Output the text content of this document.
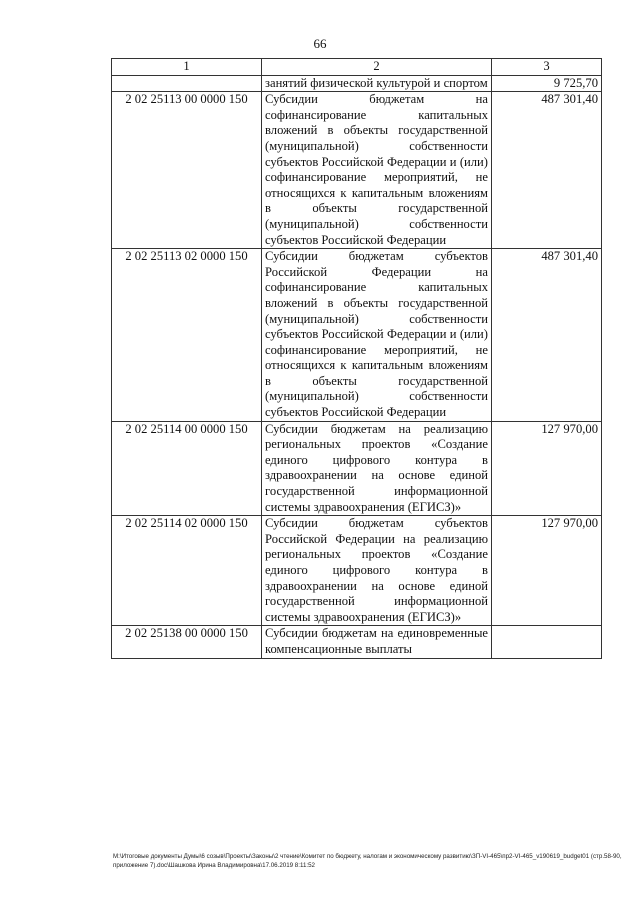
66
1	2	3
	занятий физической культурой и спортом	9 725,70
2 02 25113 00 0000 150	Субсидии бюджетам на софинансирование капитальных вложений в объекты государственной (муниципальной) собственности субъектов Российской Федерации и (или) софинансирование мероприятий, не относящихся к капитальным вложениям в объекты государственной (муниципальной) собственности субъектов Российской Федерации	487 301,40
2 02 25113 02 0000 150	Субсидии бюджетам субъектов Российской Федерации на софинансирование капитальных вложений в объекты государственной (муниципальной) собственности субъектов Российской Федерации и (или) софинансирование мероприятий, не относящихся к капитальным вложениям в объекты государственной (муниципальной) собственности субъектов Российской Федерации	487 301,40
2 02 25114 00 0000 150	Субсидии бюджетам на реализацию региональных проектов «Создание единого цифрового контура в здравоохранении на основе единой государственной информационной системы здравоохранения (ЕГИСЗ)»	127 970,00
2 02 25114 02 0000 150	Субсидии бюджетам субъектов Российской Федерации на реализацию региональных проектов «Создание единого цифрового контура в здравоохранении на основе единой государственной информационной системы здравоохранения (ЕГИСЗ)»	127 970,00
2 02 25138 00 0000 150	Субсидии бюджетам на единовременные компенсационные выплаты	
М:\Итоговые документы Думы\6 созыв\Проекты\Законы\2 чтение\Комитет по бюджету, налогам и экономическому развитию\ЗП-VI-465\пр2-VI-465_v190619_budget01 (стр.58-90, приложение 7).doc\Шашкова Ирина Владимировна\17.06.2019 8:11:52
